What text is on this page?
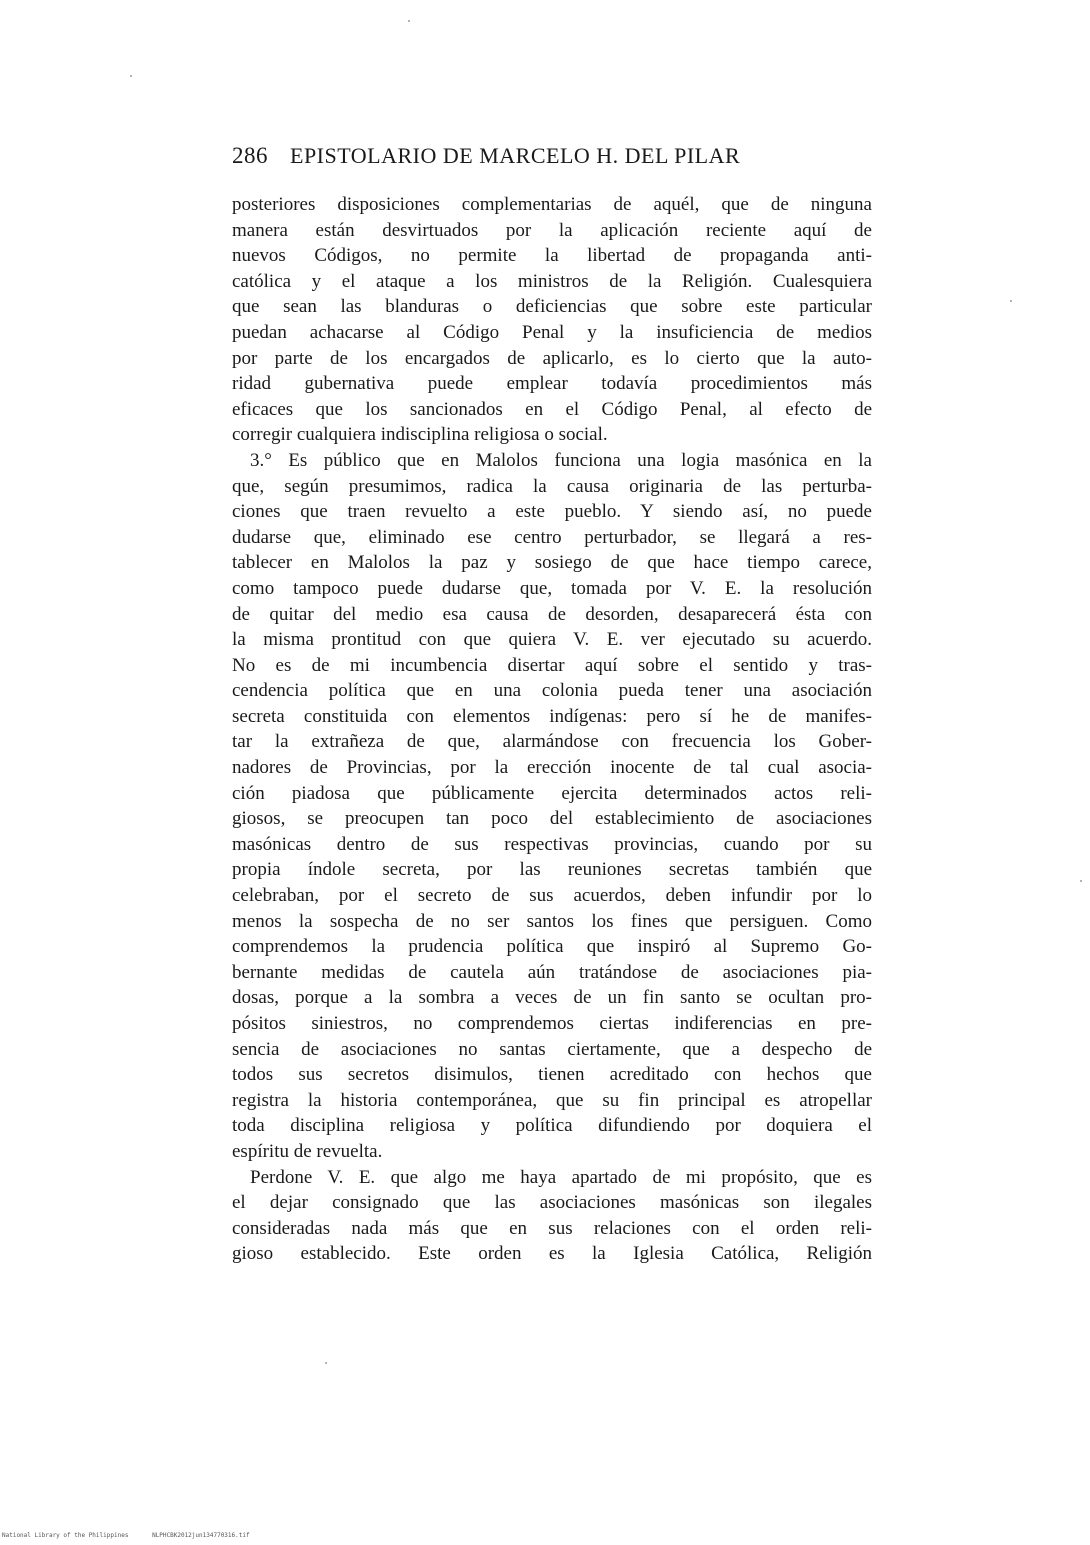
286 EPISTOLARIO DE MARCELO H. DEL PILAR
posteriores disposiciones complementarias de aquél, que de ninguna
manera están desvirtuados por la aplicación reciente aquí de
nuevos Códigos, no permite la libertad de propaganda anti-
católica y el ataque a los ministros de la Religión. Cualesquiera
que sean las blanduras o deficiencias que sobre este particular
puedan achacarse al Código Penal y la insuficiencia de medios
por parte de los encargados de aplicarlo, es lo cierto que la auto-
ridad gubernativa puede emplear todavía procedimientos más
eficaces que los sancionados en el Código Penal, al efecto de
corregir cualquiera indisciplina religiosa o social.
3.° Es público que en Malolos funciona una logia masónica en la
que, según presumimos, radica la causa originaria de las perturba-
ciones que traen revuelto a este pueblo. Y siendo así, no puede
dudarse que, eliminado ese centro perturbador, se llegará a res-
tablecer en Malolos la paz y sosiego de que hace tiempo carece,
como tampoco puede dudarse que, tomada por V. E. la resolución
de quitar del medio esa causa de desorden, desaparecerá ésta con
la misma prontitud con que quiera V. E. ver ejecutado su acuerdo.
No es de mi incumbencia disertar aquí sobre el sentido y tras-
cendencia política que en una colonia pueda tener una asociación
secreta constituida con elementos indígenas: pero sí he de manifes-
tar la extrañeza de que, alarmándose con frecuencia los Gober-
nadores de Provincias, por la erección inocente de tal cual asocia-
ción piadosa que públicamente ejercita determinados actos reli-
giosos, se preocupen tan poco del establecimiento de asociaciones
masónicas dentro de sus respectivas provincias, cuando por su
propia índole secreta, por las reuniones secretas también que
celebraban, por el secreto de sus acuerdos, deben infundir por lo
menos la sospecha de no ser santos los fines que persiguen. Como
comprendemos la prudencia política que inspiró al Supremo Go-
bernante medidas de cautela aún tratándose de asociaciones pia-
dosas, porque a la sombra a veces de un fin santo se ocultan pro-
pósitos siniestros, no comprendemos ciertas indiferencias en pre-
sencia de asociaciones no santas ciertamente, que a despecho de
todos sus secretos disimulos, tienen acreditado con hechos que
registra la historia contemporánea, que su fin principal es atropellar
toda disciplina religiosa y política difundiendo por doquiera el
espíritu de revuelta.
Perdone V. E. que algo me haya apartado de mi propósito, que es
el dejar consignado que las asociaciones masónicas son ilegales
consideradas nada más que en sus relaciones con el orden reli-
gioso establecido. Este orden es la Iglesia Católica, Religión
National Library of the Philippines	NLPHCBK2012jun134770316.tif
